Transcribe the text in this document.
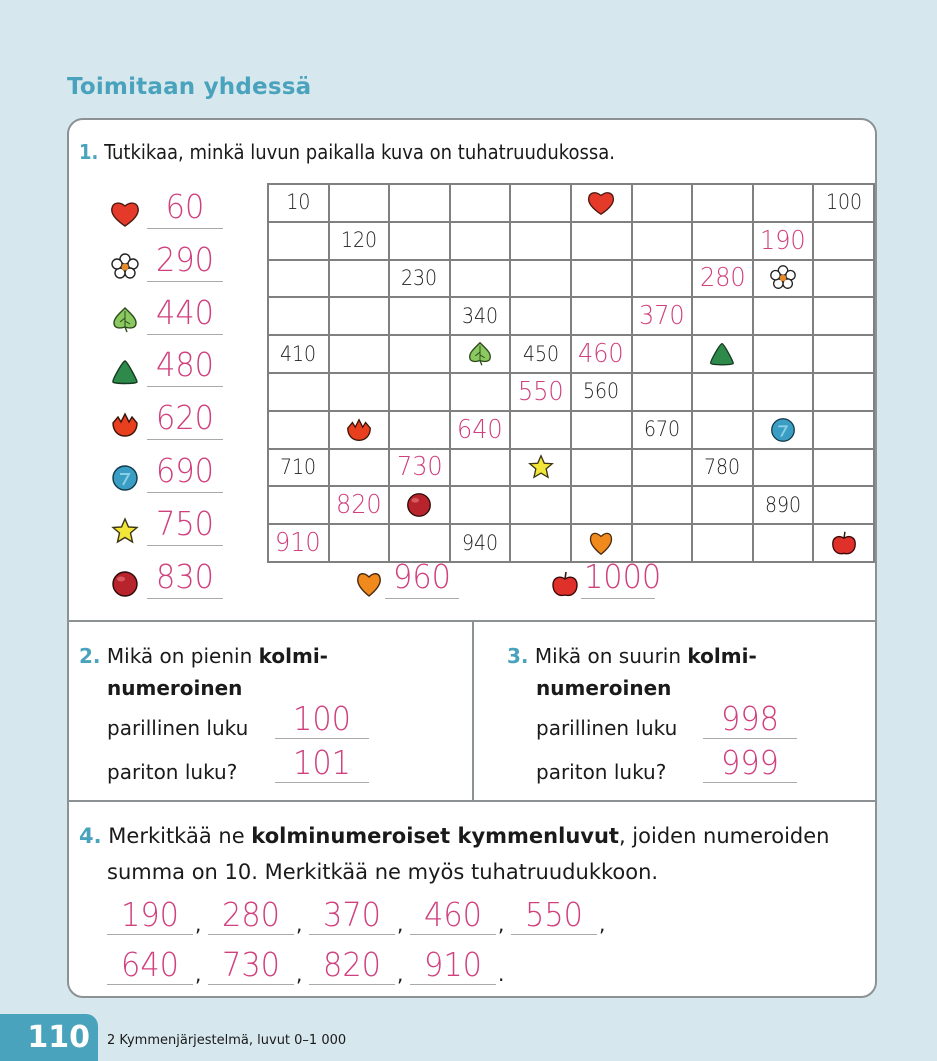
Toimitaan yhdessä
1. Tutkikaa, minkä luvun paikalla kuva on tuhatruudukossa.
60
290
440
480
620
690
750
830
10	100
120	190
230	280
340	370
410	450 460
550 560
640	670
710	730	780
820	890
910	940
960	1000
2. Mikä on pienin kolmi-
numeroinen
parillinen luku	100
pariton luku?	101
3. Mikä on suurin kolmi-
numeroinen
parillinen luku	998
pariton luku?	999
4. Merkitkää ne kolminumeroiset kymmenluvut, joiden numeroiden
summa on 10. Merkitkää ne myös tuhatruudukkoon.
190 , 280 , 370 , 460 , 550 ,
640 , 730 , 820 , 910 .
110	2 Kymmenjärjestelmä, luvut 0–1 000
